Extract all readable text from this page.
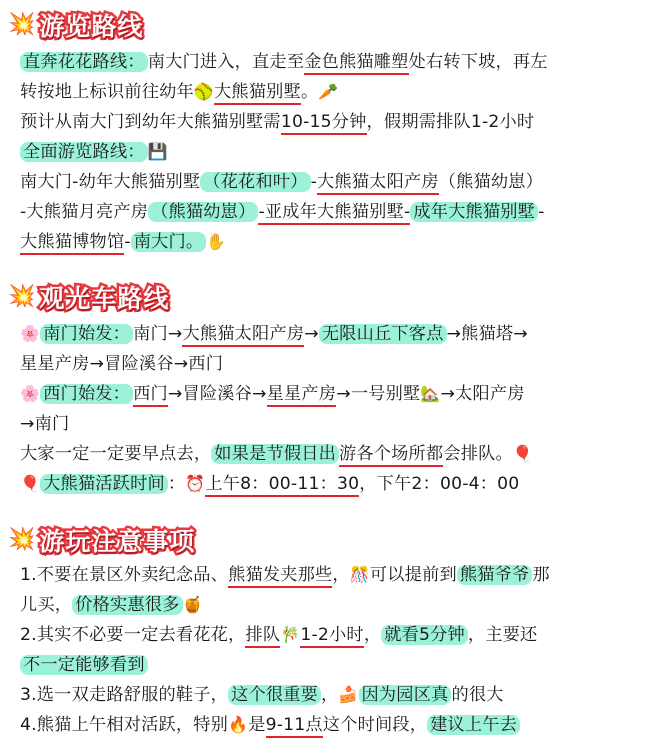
💥 游览路线
直奔花花路线： 南大门进入，直走至金色熊猫雕塑处右转下坡，再左
转按地上标识前往幼年🥎大熊猫别墅。🥕
预计从南大门到幼年大熊猫别墅需10-15分钟，假期需排队1-2小时
全面游览路线： 💾
南大门-幼年大熊猫别墅 （花花和叶） -大熊猫太阳产房（熊猫幼崽）
-大熊猫月亮产房 （熊猫幼崽） -亚成年大熊猫别墅- 成年大熊猫别墅 -
大熊猫博物馆- 南大门。 ✋
💥 观光车路线
🌸 南门始发： 南门→大熊猫太阳产房→ 无限山丘下客点 →熊猫塔→
星星产房→冒险溪谷→西门
🌸 西门始发： 西门→冒险溪谷→星星产房→一号别墅🏡→太阳产房
→南门
大家一定一定要早点去， 如果是节假日出 游各个场所都会排队。🎈
🎈 大熊猫活跃时间 ：⏰上午8：00-11：30，下午2：00-4：00
💥 游玩注意事项
1.不要在景区外卖纪念品、熊猫发夹那些，🎊可以提前到 熊猫爷爷 那
儿买， 价格实惠很多 🍯
2.其实不必要一定去看花花，排队🎋1-2小时， 就看5分钟 ，主要还
不一定能够看到
3.选一双走路舒服的鞋子， 这个很重要 ，🍰 因为园区真 的很大
4.熊猫上午相对活跃，特别🔥是9-11点这个时间段， 建议上午去
